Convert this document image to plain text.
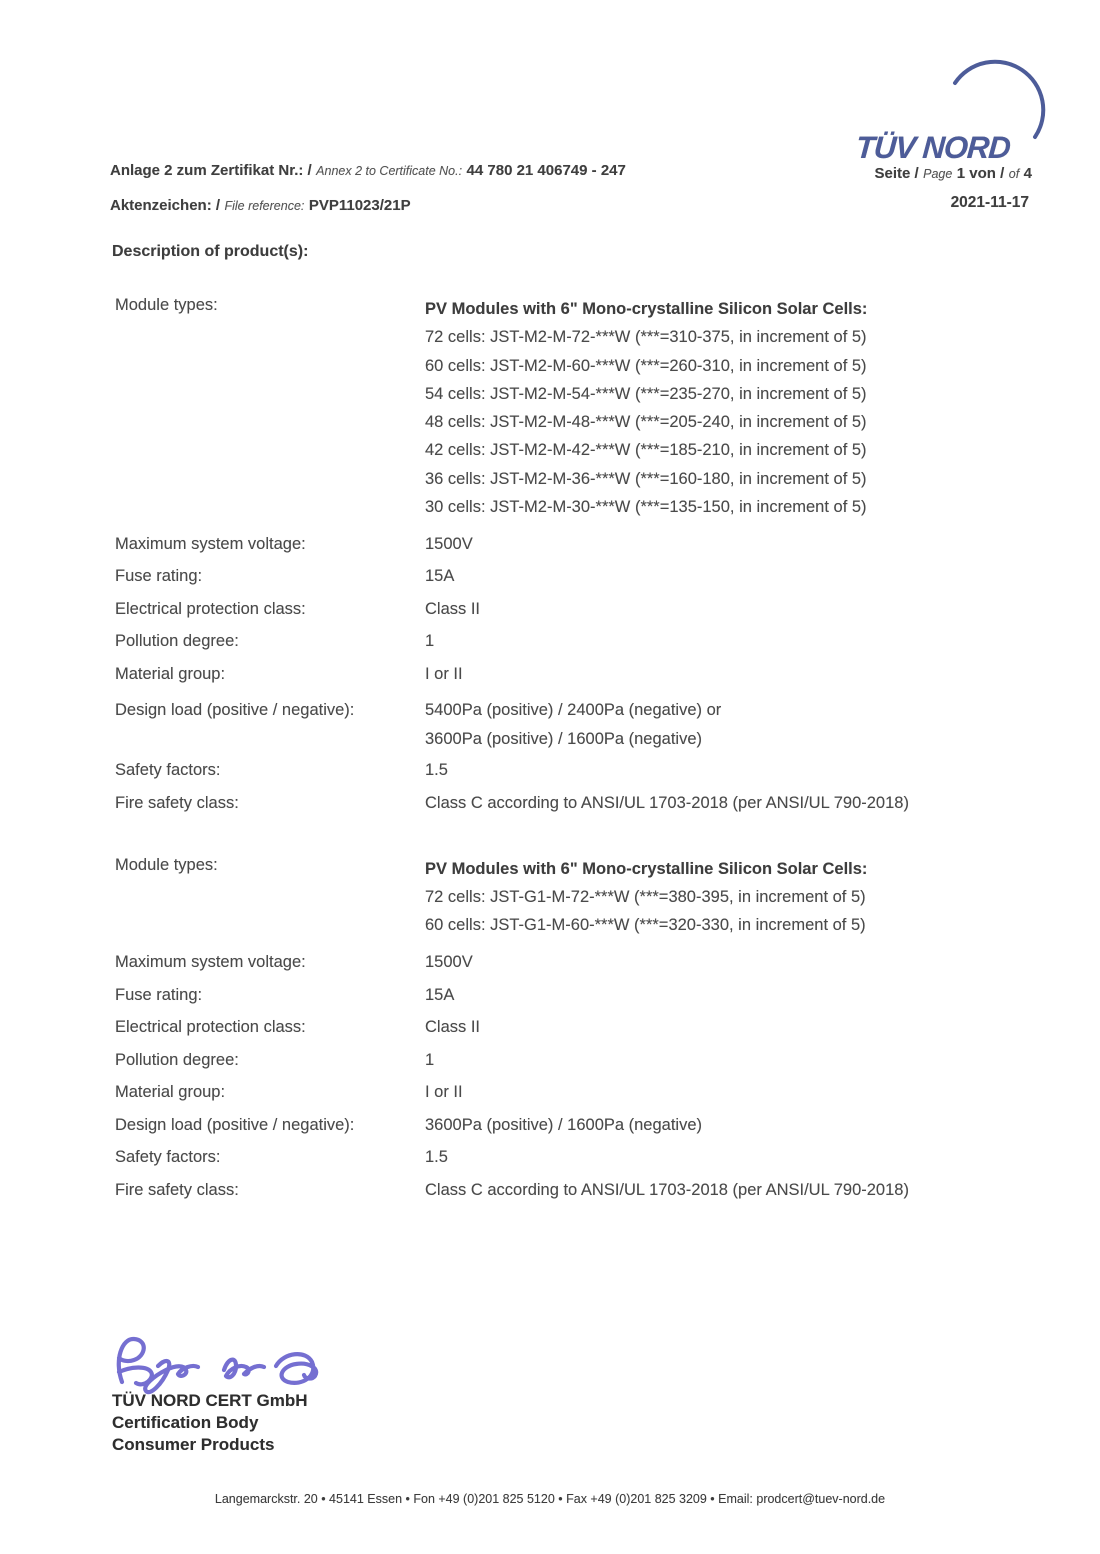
TÜV NORD
Anlage 2 zum Zertifikat Nr.: / Annex 2 to Certificate No.: 44 780 21 406749 - 247
Aktenzeichen: / File reference: PVP11023/21P
Seite / Page 1 von / of 4
2021-11-17
Description of product(s):
Module types:	PV Modules with 6" Mono-crystalline Silicon Solar Cells:
72 cells: JST-M2-M-72-***W (***=310-375, in increment of 5)
60 cells: JST-M2-M-60-***W (***=260-310, in increment of 5)
54 cells: JST-M2-M-54-***W (***=235-270, in increment of 5)
48 cells: JST-M2-M-48-***W (***=205-240, in increment of 5)
42 cells: JST-M2-M-42-***W (***=185-210, in increment of 5)
36 cells: JST-M2-M-36-***W (***=160-180, in increment of 5)
30 cells: JST-M2-M-30-***W (***=135-150, in increment of 5)
Maximum system voltage:	1500V
Fuse rating:	15A
Electrical protection class:	Class II
Pollution degree:	1
Material group:	I or II
Design load (positive / negative):	5400Pa (positive) / 2400Pa (negative) or
3600Pa (positive) / 1600Pa (negative)
Safety factors:	1.5
Fire safety class:	Class C according to ANSI/UL 1703-2018 (per ANSI/UL 790-2018)
Module types:	PV Modules with 6" Mono-crystalline Silicon Solar Cells:
72 cells: JST-G1-M-72-***W (***=380-395, in increment of 5)
60 cells: JST-G1-M-60-***W (***=320-330, in increment of 5)
Maximum system voltage:	1500V
Fuse rating:	15A
Electrical protection class:	Class II
Pollution degree:	1
Material group:	I or II
Design load (positive / negative):	3600Pa (positive) / 1600Pa (negative)
Safety factors:	1.5
Fire safety class:	Class C according to ANSI/UL 1703-2018 (per ANSI/UL 790-2018)
TÜV NORD CERT GmbH
Certification Body
Consumer Products
Langemarckstr. 20 • 45141 Essen • Fon +49 (0)201 825 5120 • Fax +49 (0)201 825 3209 • Email: prodcert@tuev-nord.de
